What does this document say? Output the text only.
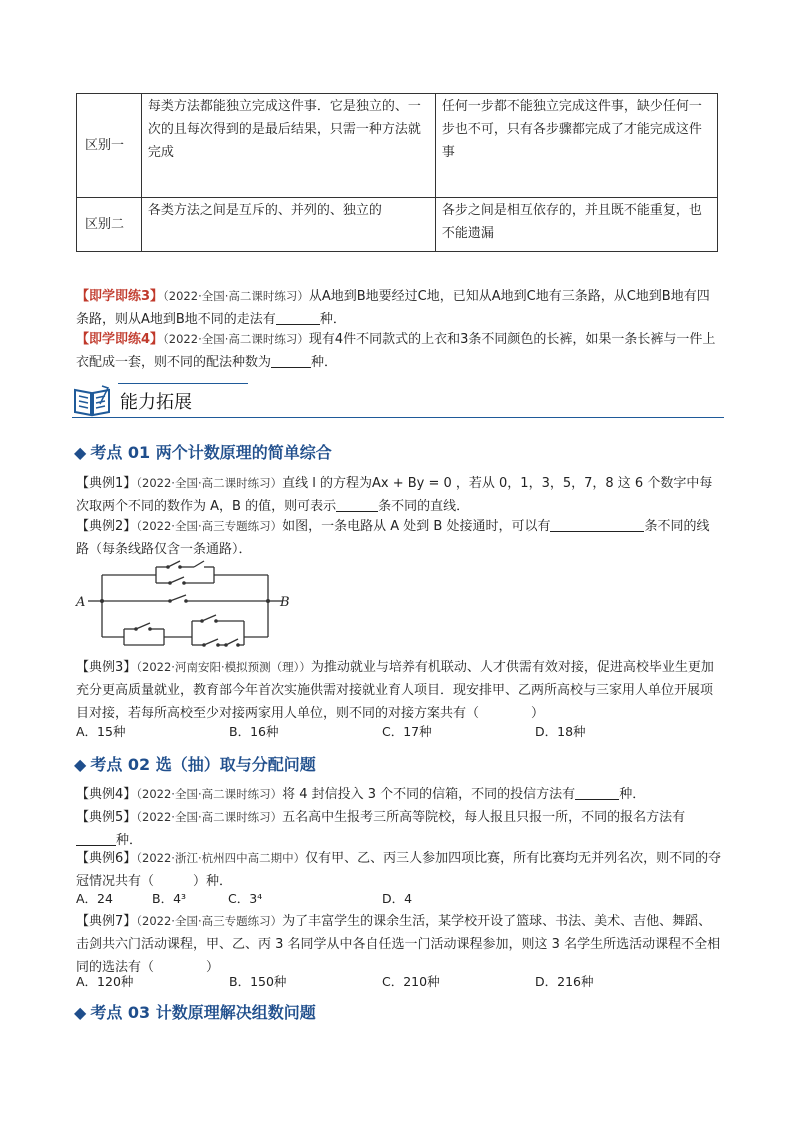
区别一	每类方法都能独立完成这件事．它是独立的、一次的且每次得到的是最后结果，只需一种方法就完成	任何一步都不能独立完成这件事，缺少任何一步也不可，只有各步骤都完成了才能完成这件事
区别二	各类方法之间是互斥的、并列的、独立的	各步之间是相互依存的，并且既不能重复，也不能遗漏
【即学即练3】（2022·全国·高二课时练习）从A地到B地要经过C地，已知从A地到C地有三条路，从C地到B地有四条路，则从A地到B地不同的走法有	种．
【即学即练4】（2022·全国·高二课时练习）现有4件不同款式的上衣和3条不同颜色的长裤，如果一条长裤与一件上衣配成一套，则不同的配法种数为	种．
能力拓展
◆ 考点 01 两个计数原理的简单综合
【典例1】（2022·全国·高二课时练习）直线 l 的方程为Ax + By = 0 ，若从 0，1，3，5，7，8 这 6 个数字中每次取两个不同的数作为 A，B 的值，则可表示	条不同的直线．
【典例2】（2022·全国·高三专题练习）如图，一条电路从 A 处到 B 处接通时，可以有	条不同的线路（每条线路仅含一条通路）．
A	B
【典例3】（2022·河南安阳·模拟预测（理））为推动就业与培养有机联动、人才供需有效对接，促进高校毕业生更加充分更高质量就业，教育部今年首次实施供需对接就业育人项目．现安排甲、乙两所高校与三家用人单位开展项目对接，若每所高校至少对接两家用人单位，则不同的对接方案共有（　　　　）
A．15种	B．16种	C．17种	D．18种
◆ 考点 02 选（抽）取与分配问题
【典例4】（2022·全国·高二课时练习）将 4 封信投入 3 个不同的信箱，不同的投信方法有	种．
【典例5】（2022·全国·高二课时练习）五名高中生报考三所高等院校，每人报且只报一所，不同的报名方法有种．
【典例6】（2022·浙江·杭州四中高二期中）仅有甲、乙、丙三人参加四项比赛，所有比赛均无并列名次，则不同的夺冠情况共有（　　　）种．
A．24	B．4³	C．3⁴	D．4
【典例7】（2022·全国·高三专题练习）为了丰富学生的课余生活，某学校开设了篮球、书法、美术、吉他、舞蹈、击剑共六门活动课程，甲、乙、丙 3 名同学从中各自任选一门活动课程参加，则这 3 名学生所选活动课程不全相同的选法有（　　　　）
A．120种	B．150种	C．210种	D．216种
◆ 考点 03 计数原理解决组数问题
